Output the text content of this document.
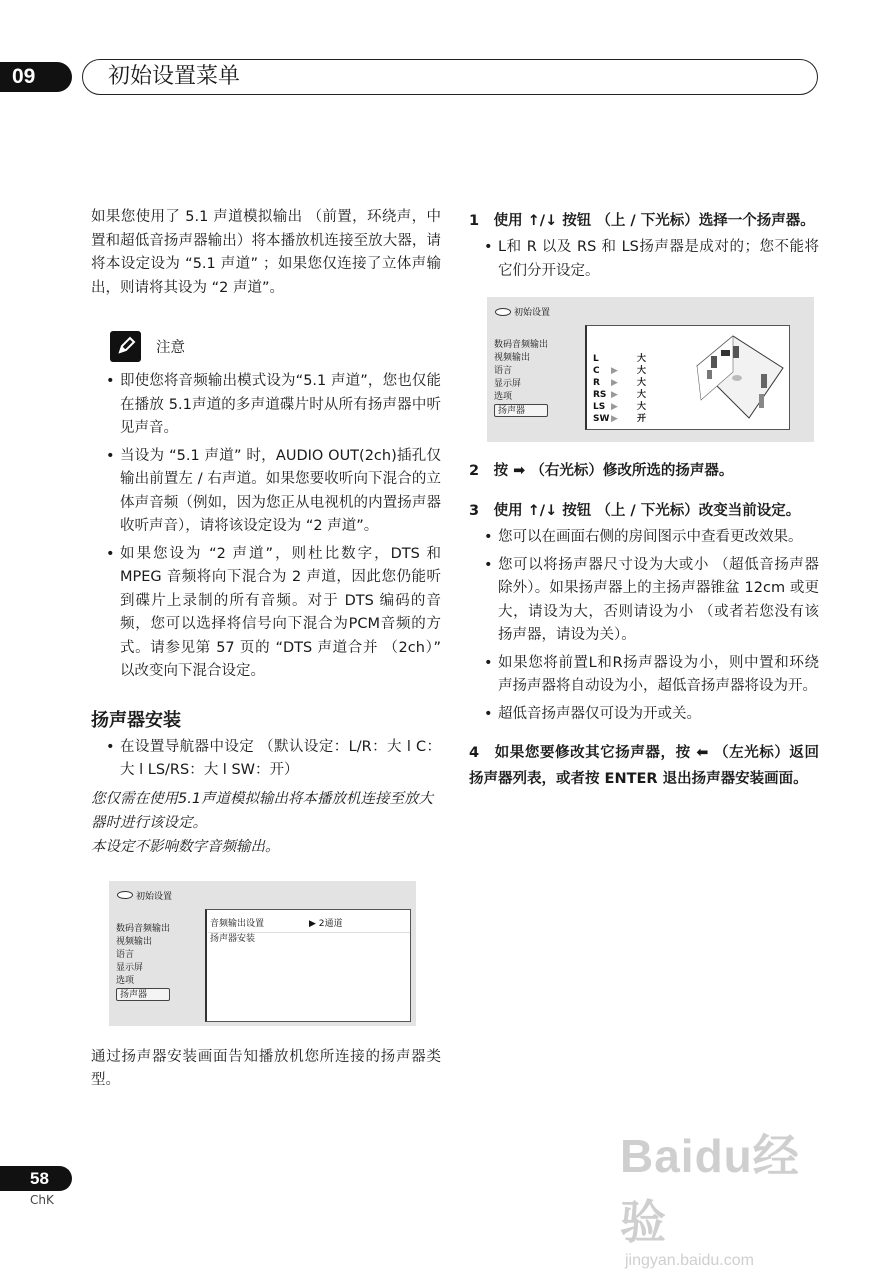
09	初始设置菜单

如果您使用了 5.1 声道模拟输出 （前置，环绕声，中置和超低音扬声器输出）将本播放机连接至放大器，请将本设定设为 “5.1 声道” ；如果您仅连接了立体声输出，则请将其设为 “2 声道”。

注意
• 即使您将音频输出模式设为“5.1 声道”，您也仅能在播放 5.1声道的多声道碟片时从所有扬声器中听见声音。
• 当设为 “5.1 声道” 时，AUDIO OUT(2ch)插孔仅输出前置左 / 右声道。如果您要收听向下混合的立体声音频（例如，因为您正从电视机的内置扬声器收听声音），请将该设定设为 “2 声道”。
• 如果您设为 “2 声道”，则杜比数字，DTS 和 MPEG 音频将向下混合为 2 声道，因此您仍能听到碟片上录制的所有音频。对于 DTS 编码的音频，您可以选择将信号向下混合为PCM音频的方式。请参见第 57 页的 “DTS 声道合并 （2ch）” 以改变向下混合设定。
扬声器安装
• 在设置导航器中设定 （默认设定：L/R：大 l C：大 l LS/RS：大 l SW：开）

您仅需在使用5.1声道模拟输出将本播放机连接至放大器时进行该设定。

本设定不影响数字音频输出。

初始设置
数码音频输出
视频输出
语言
显示屏
选项
扬声器
音频输出设置	▶ 2通道
扬声器安装

通过扬声器安装画面告知播放机您所连接的扬声器类型。

1　使用 ↑/↓ 按钮 （上 / 下光标）选择一个扬声器。

• L和 R 以及 RS 和 LS扬声器是成对的；您不能将它们分开设定。
初始设置
数码音频输出
视频输出
语言
显示屏
选项
扬声器
L	大
C ▶ 大
R ▶ 大
RS ▶ 大
LS ▶ 大
SW ▶ 开

2　按 ➡ （右光标）修改所选的扬声器。

3　使用 ↑/↓ 按钮 （上 / 下光标）改变当前设定。

• 您可以在画面右侧的房间图示中查看更改效果。
• 您可以将扬声器尺寸设为大或小 （超低音扬声器除外）。如果扬声器上的主扬声器锥盆 12cm 或更大，请设为大，否则请设为小 （或者若您没有该扬声器，请设为关）。
• 如果您将前置L和R扬声器设为小，则中置和环绕声扬声器将自动设为小，超低音扬声器将设为开。
• 超低音扬声器仅可设为开或关。

4　如果您要修改其它扬声器，按 ⬅ （左光标）返回扬声器列表，或者按 ENTER 退出扬声器安装画面。

58
ChK
Baidu经验
jingyan.baidu.com
